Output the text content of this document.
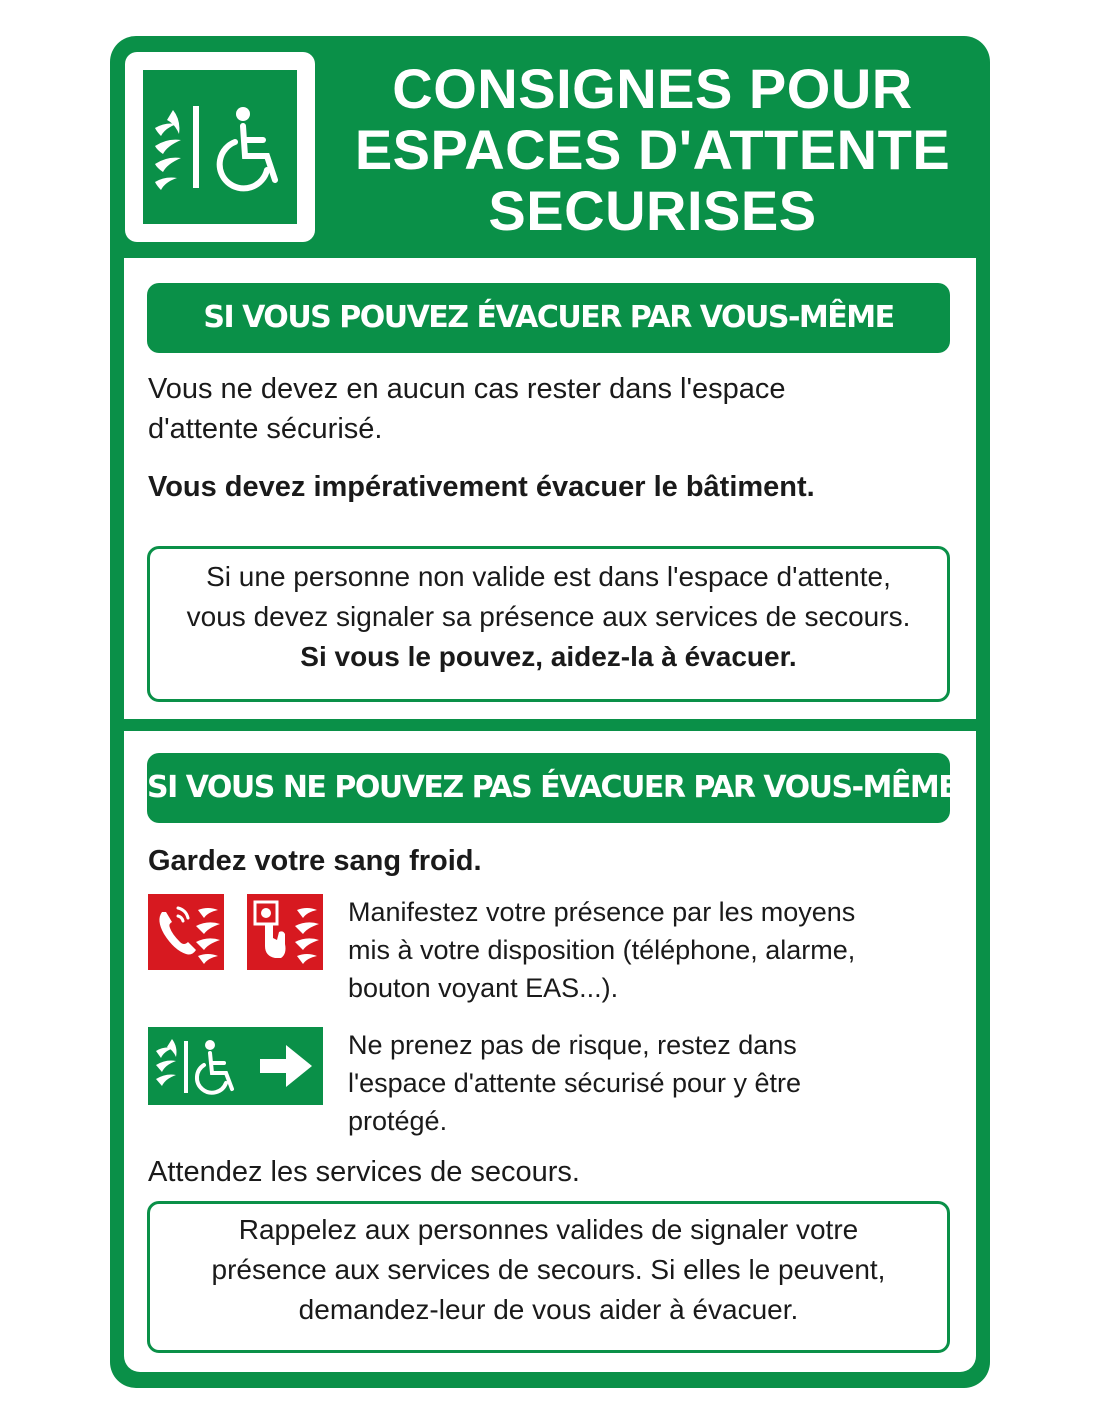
CONSIGNES POUR
ESPACES D'ATTENTE
SECURISES
SI VOUS POUVEZ ÉVACUER PAR VOUS-MÊME
Vous ne devez en aucun cas rester dans l'espace
d'attente sécurisé.
Vous devez impérativement évacuer le bâtiment.
Si une personne non valide est dans l'espace d'attente,
vous devez signaler sa présence aux services de secours.
Si vous le pouvez, aidez-la à évacuer.
SI VOUS NE POUVEZ PAS ÉVACUER PAR VOUS-MÊME
Gardez votre sang froid.
Manifestez votre présence par les moyens
mis à votre disposition (téléphone, alarme,
bouton voyant EAS...).
Ne prenez pas de risque, restez dans
l'espace d'attente sécurisé pour y être
protégé.
Attendez les services de secours.
Rappelez aux personnes valides de signaler votre
présence aux services de secours. Si elles le peuvent,
demandez-leur de vous aider à évacuer.
